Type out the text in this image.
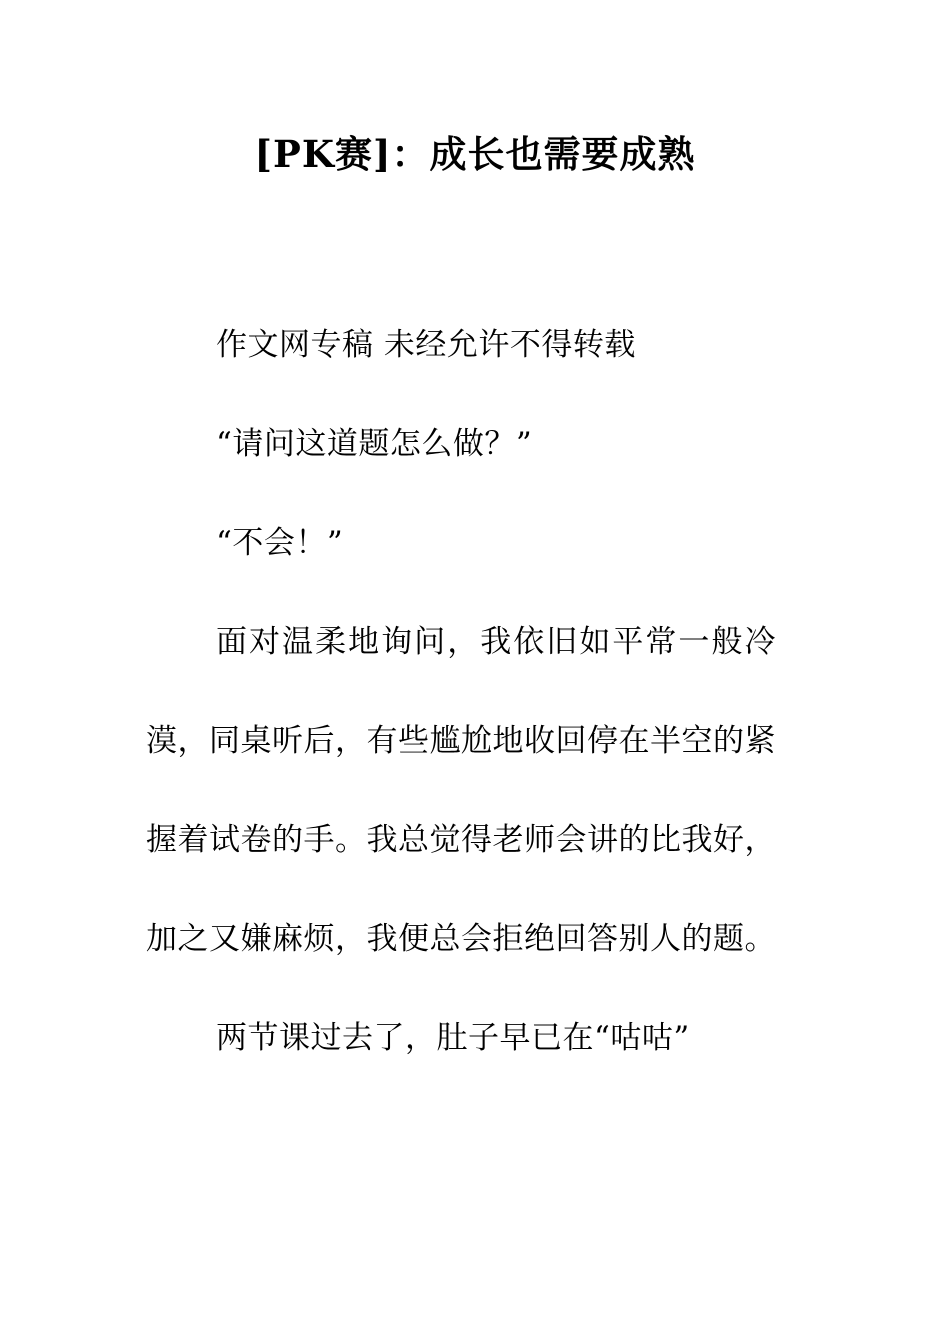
[PK赛]：成长也需要成熟

作文网专稿 未经允许不得转载

“请问这道题怎么做？”

“不会！”

面对温柔地询问，我依旧如平常一般冷漠，同桌听后，有些尴尬地收回停在半空的紧握着试卷的手。我总觉得老师会讲的比我好，加之又嫌麻烦，我便总会拒绝回答别人的题。

两节课过去了，肚子早已在“咕咕”
